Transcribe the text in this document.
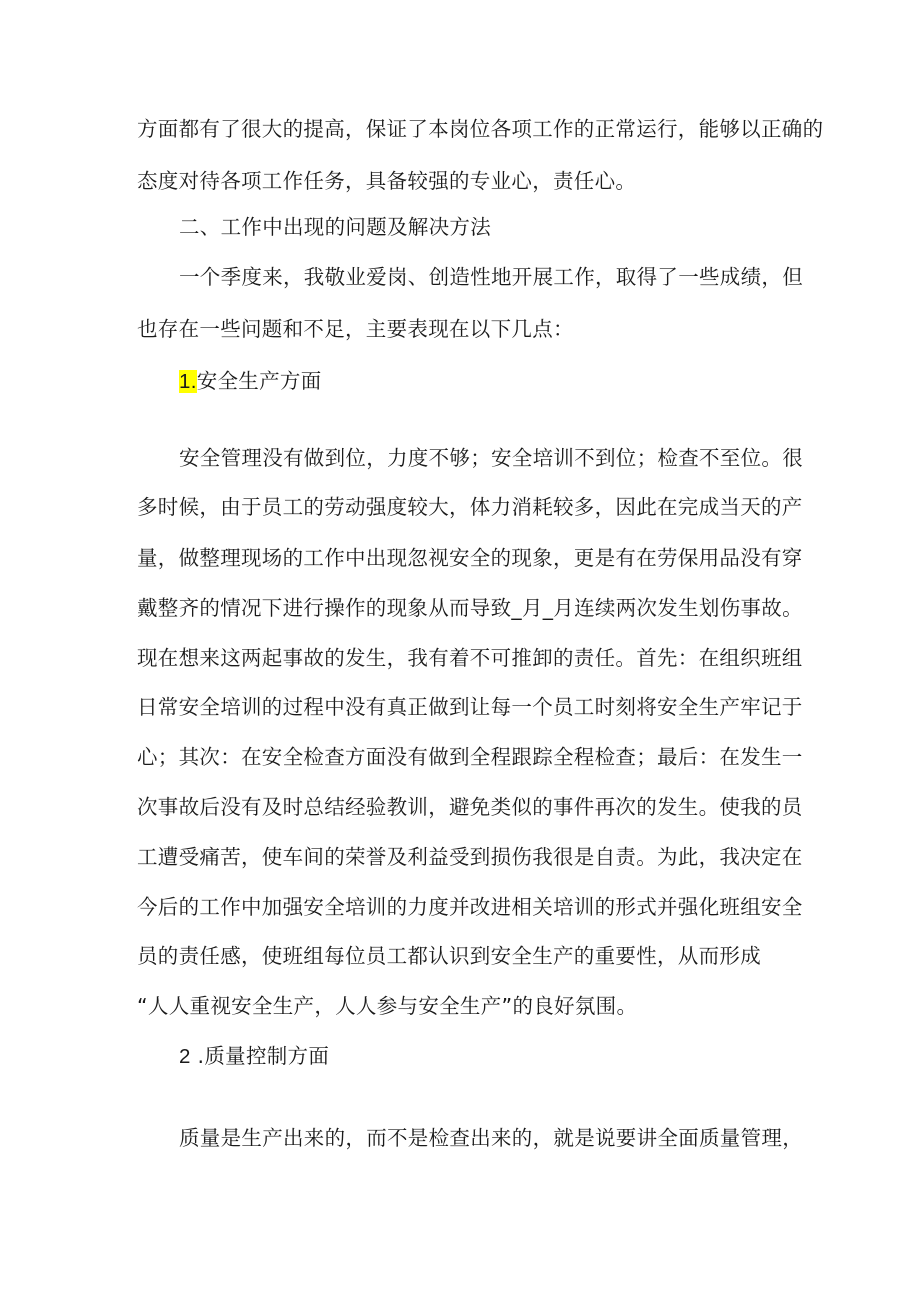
方面都有了很大的提高，保证了本岗位各项工作的正常运行，能够以正确的
态度对待各项工作任务，具备较强的专业心，责任心。
二、工作中出现的问题及解决方法
一个季度来，我敬业爱岗、创造性地开展工作，取得了一些成绩，但
也存在一些问题和不足，主要表现在以下几点：
1.安全生产方面
安全管理没有做到位，力度不够；安全培训不到位；检查不至位。很
多时候，由于员工的劳动强度较大，体力消耗较多，因此在完成当天的产
量，做整理现场的工作中出现忽视安全的现象，更是有在劳保用品没有穿
戴整齐的情况下进行操作的现象从而导致_月_月连续两次发生划伤事故。
现在想来这两起事故的发生，我有着不可推卸的责任。首先：在组织班组
日常安全培训的过程中没有真正做到让每一个员工时刻将安全生产牢记于
心；其次：在安全检查方面没有做到全程跟踪全程检查；最后：在发生一
次事故后没有及时总结经验教训，避免类似的事件再次的发生。使我的员
工遭受痛苦，使车间的荣誉及利益受到损伤我很是自责。为此，我决定在
今后的工作中加强安全培训的力度并改进相关培训的形式并强化班组安全
员的责任感，使班组每位员工都认识到安全生产的重要性，从而形成
“人人重视安全生产，人人参与安全生产”的良好氛围。
2 .质量控制方面
质量是生产出来的，而不是检查出来的，就是说要讲全面质量管理，
